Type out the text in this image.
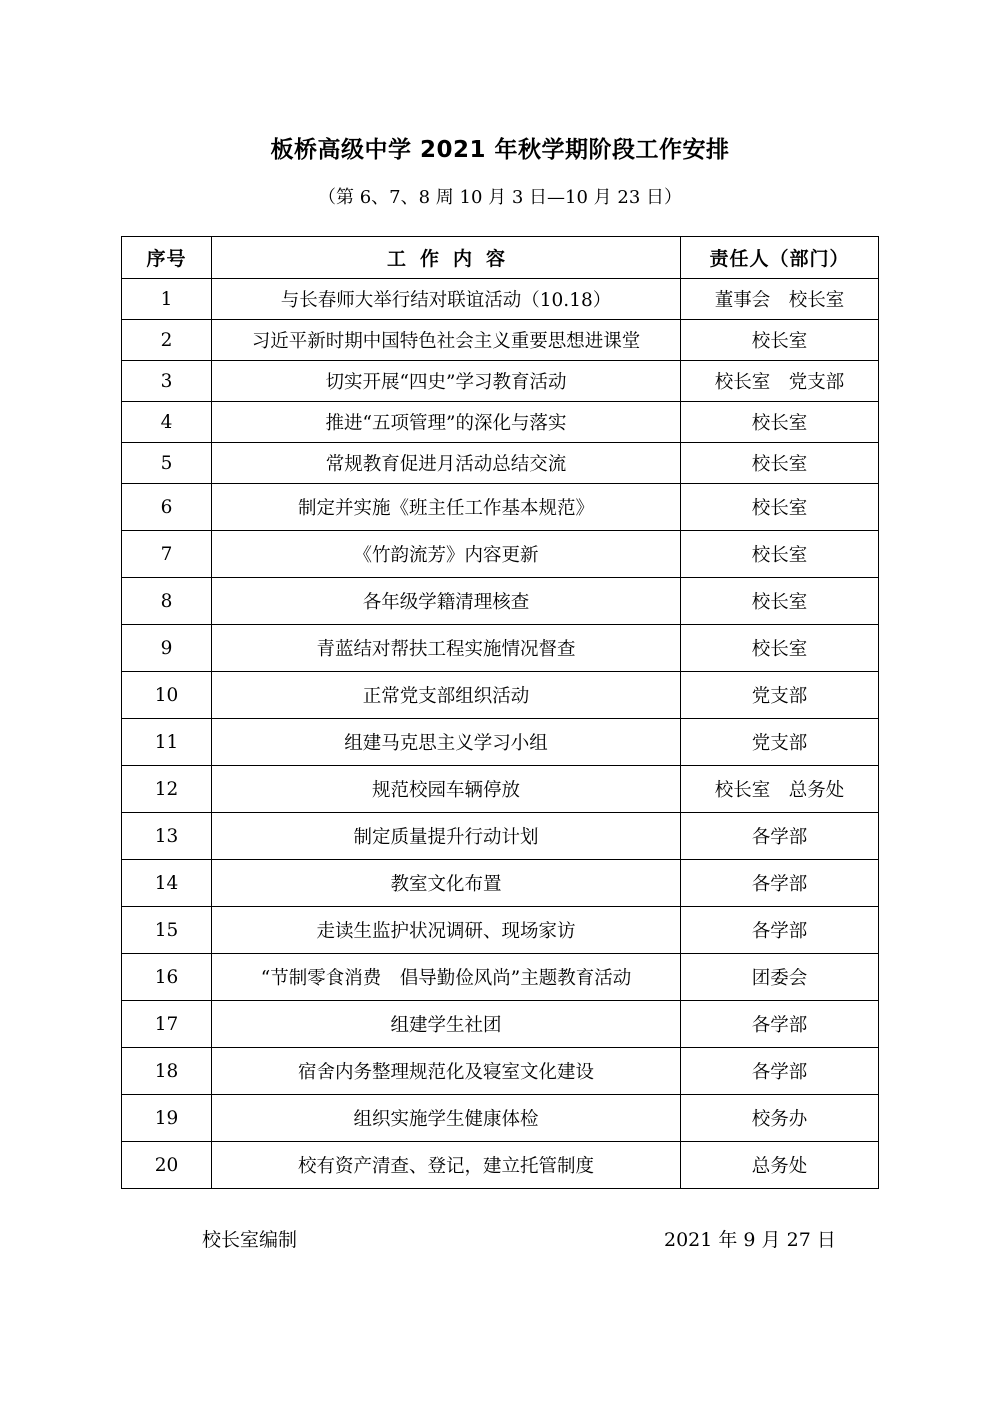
板桥高级中学 2021 年秋学期阶段工作安排
（第 6、7、8 周 10 月 3 日—10 月 23 日）
序号	工作内容	责任人（部门）
1	与长春师大举行结对联谊活动（10.18）	董事会　校长室
2	习近平新时期中国特色社会主义重要思想进课堂	校长室
3	切实开展“四史”学习教育活动	校长室　党支部
4	推进“五项管理”的深化与落实	校长室
5	常规教育促进月活动总结交流	校长室
6	制定并实施《班主任工作基本规范》	校长室
7	《竹韵流芳》内容更新	校长室
8	各年级学籍清理核查	校长室
9	青蓝结对帮扶工程实施情况督查	校长室
10	正常党支部组织活动	党支部
11	组建马克思主义学习小组	党支部
12	规范校园车辆停放	校长室　总务处
13	制定质量提升行动计划	各学部
14	教室文化布置	各学部
15	走读生监护状况调研、现场家访	各学部
16	“节制零食消费　倡导勤俭风尚”主题教育活动	团委会
17	组建学生社团	各学部
18	宿舍内务整理规范化及寝室文化建设	各学部
19	组织实施学生健康体检	校务办
20	校有资产清查、登记，建立托管制度	总务处
校长室编制	2021 年 9 月 27 日
